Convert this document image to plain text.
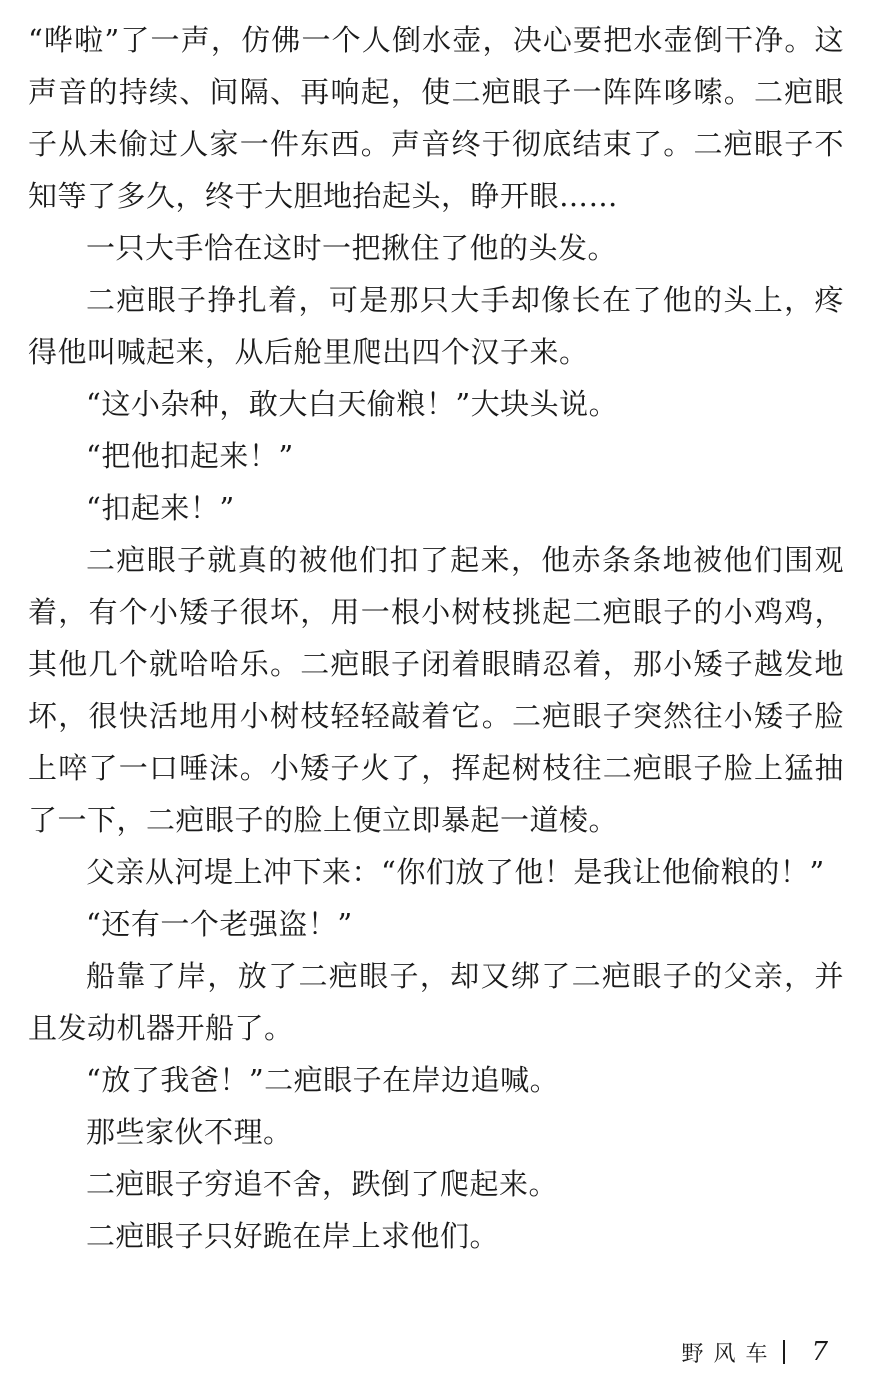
“哗啦”了一声，仿佛一个人倒水壶，决心要把水壶倒干净。这声音的持续、间隔、再响起，使二疤眼子一阵阵哆嗦。二疤眼子从未偷过人家一件东西。声音终于彻底结束了。二疤眼子不知等了多久，终于大胆地抬起头，睁开眼……

一只大手恰在这时一把揪住了他的头发。

二疤眼子挣扎着，可是那只大手却像长在了他的头上，疼得他叫喊起来，从后舱里爬出四个汉子来。

“这小杂种，敢大白天偷粮！”大块头说。

“把他扣起来！”

“扣起来！”

二疤眼子就真的被他们扣了起来，他赤条条地被他们围观着，有个小矮子很坏，用一根小树枝挑起二疤眼子的小鸡鸡，其他几个就哈哈乐。二疤眼子闭着眼睛忍着，那小矮子越发地坏，很快活地用小树枝轻轻敲着它。二疤眼子突然往小矮子脸上啐了一口唾沫。小矮子火了，挥起树枝往二疤眼子脸上猛抽了一下，二疤眼子的脸上便立即暴起一道棱。

父亲从河堤上冲下来：“你们放了他！是我让他偷粮的！”

“还有一个老强盗！”

船靠了岸，放了二疤眼子，却又绑了二疤眼子的父亲，并且发动机器开船了。

“放了我爸！”二疤眼子在岸边追喊。

那些家伙不理。

二疤眼子穷追不舍，跌倒了爬起来。

二疤眼子只好跪在岸上求他们。

野风车 7
